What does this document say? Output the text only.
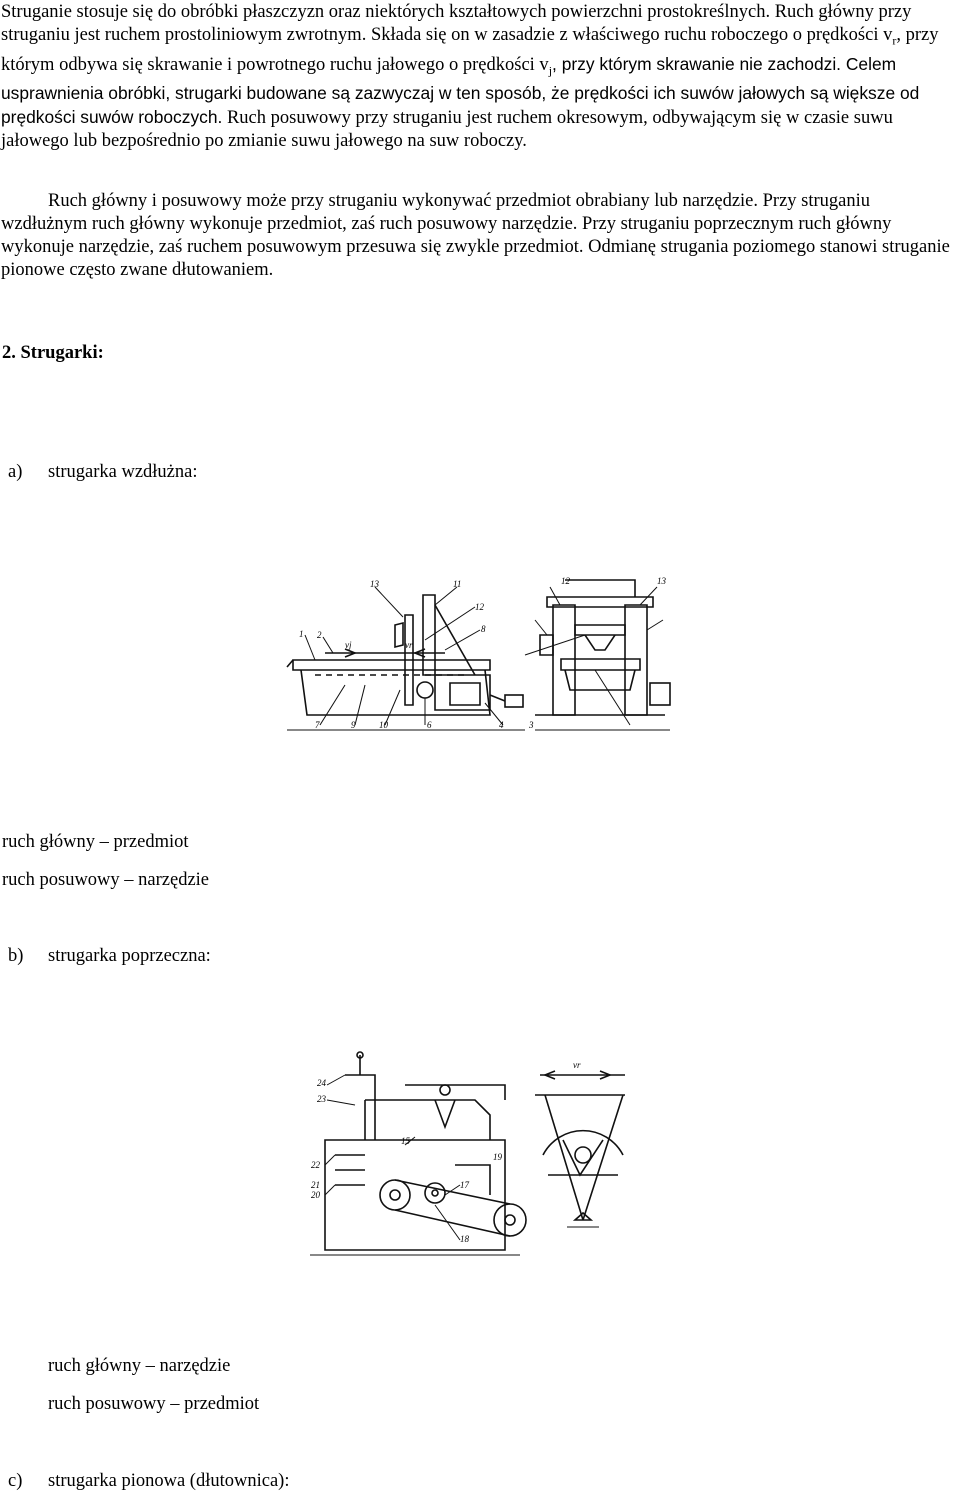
Struganie stosuje się do obróbki płaszczyzn oraz niektórych kształtowych powierzchni prostokreślnych. Ruch główny przy struganiu jest ruchem prostoliniowym zwrotnym. Składa się on w zasadzie z właściwego ruchu roboczego o prędkości $v_r$, przy którym odbywa się skrawanie i powrotnego ruchu jałowego o prędkości $v_j$, przy którym skrawanie nie zachodzi. Celem usprawnienia obróbki, strugarki budowane są zazwyczaj w ten sposób, że prędkości ich suwów jałowych są większe od prędkości suwów roboczych. Ruch posuwowy przy struganiu jest ruchem okresowym, odbywającym się w czasie suwu jałowego lub bezpośrednio po zmianie suwu jałowego na suw roboczy.

Ruch główny i posuwowy może przy struganiu wykonywać przedmiot obrabiany lub narzędzie. Przy struganiu wzdłużnym ruch główny wykonuje przedmiot, zaś ruch posuwowy narzędzie. Przy struganiu poprzecznym ruch główny wykonuje narzędzie, zaś ruchem posuwowym przesuwa się zwykle przedmiot. Odmianę strugania poziomego stanowi struganie pionowe często zwane dłutowaniem.

2. Strugarki:

a) strugarka wzdłużna:

1 2
13	11
12
8
vj	vr
7	9	10	6	4	3
12	13

ruch główny – przedmiot

ruch posuwowy – narzędzie

b) strugarka poprzeczna:

24
23
22
21
20
15
17
18
19
vr

ruch główny – narzędzie

ruch posuwowy – przedmiot

c) strugarka pionowa (dłutownica):
